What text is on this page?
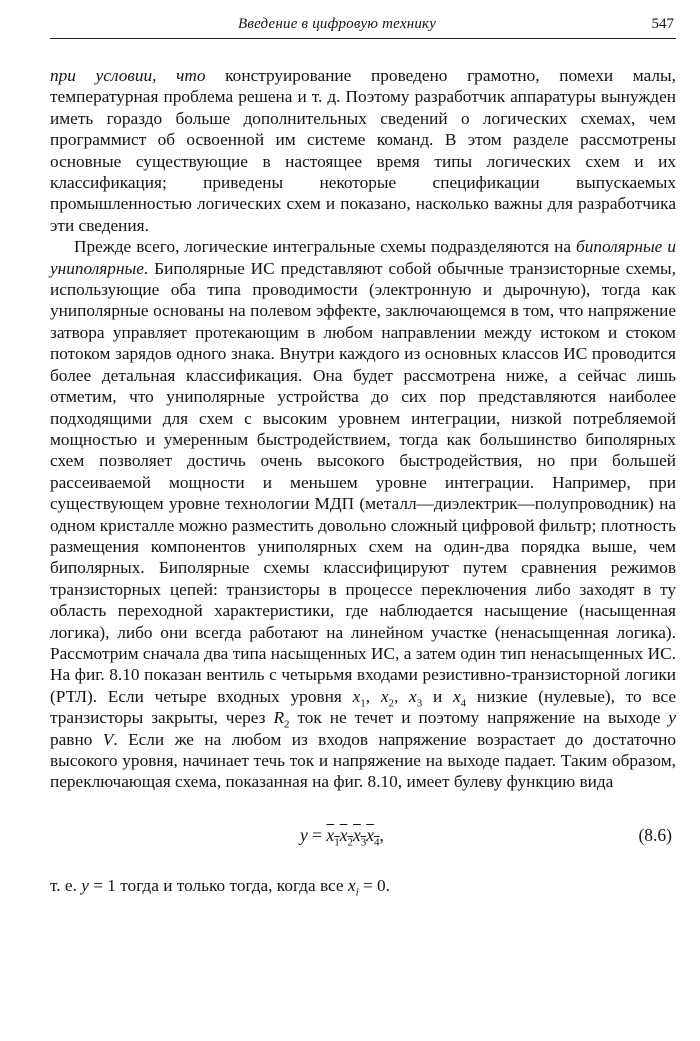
Введение в цифровую технику	547

при условии, что конструирование проведено грамотно, помехи малы, температурная проблема решена и т. д. Поэтому разработчик аппаратуры вынужден иметь гораздо больше дополнительных сведений о логических схемах, чем программист об освоенной им системе команд. В этом разделе рассмотрены основные существующие в настоящее время типы логических схем и их классификация; приведены некоторые спецификации выпускаемых промышленностью логических схем и показано, насколько важны для разработчика эти сведения.

Прежде всего, логические интегральные схемы подразделяются на биполярные и униполярные. Биполярные ИС представляют собой обычные транзисторные схемы, использующие оба типа проводимости (электронную и дырочную), тогда как униполярные основаны на полевом эффекте, заключающемся в том, что напряжение затвора управляет протекающим в любом направлении между истоком и стоком потоком зарядов одного знака. Внутри каждого из основных классов ИС проводится более детальная классификация. Она будет рассмотрена ниже, а сейчас лишь отметим, что униполярные устройства до сих пор представляются наиболее подходящими для схем с высоким уровнем интеграции, низкой потребляемой мощностью и умеренным быстродействием, тогда как большинство биполярных схем позволяет достичь очень высокого быстродействия, но при большей рассеиваемой мощности и меньшем уровне интеграции. Например, при существующем уровне технологии МДП (металл—диэлектрик—полупроводник) на одном кристалле можно разместить довольно сложный цифровой фильтр; плотность размещения компонентов униполярных схем на один-два порядка выше, чем биполярных. Биполярные схемы классифицируют путем сравнения режимов транзисторных цепей: транзисторы в процессе переключения либо заходят в ту область переходной характеристики, где наблюдается насыщение (насыщенная логика), либо они всегда работают на линейном участке (ненасыщенная логика). Рассмотрим сначала два типа насыщенных ИС, а затем один тип ненасыщенных ИС. На фиг. 8.10 показан вентиль с четырьмя входами резистивно-транзисторной логики (РТЛ). Если четыре входных уровня $x_1$, $x_2$, $x_3$ и $x_4$ низкие (нулевые), то все транзисторы закрыты, через $R_2$ ток не течет и поэтому напряжение на выходе y равно V. Если же на любом из входов напряжение возрастает до достаточно высокого уровня, начинает течь ток и напряжение на выходе падает. Таким образом, переключающая схема, показанная на фиг. 8.10, имеет булеву функцию вида

$y = x_1x_2x_3x_4$,	(8.6)

т. е. y = 1 тогда и только тогда, когда все $x_i = 0$.
